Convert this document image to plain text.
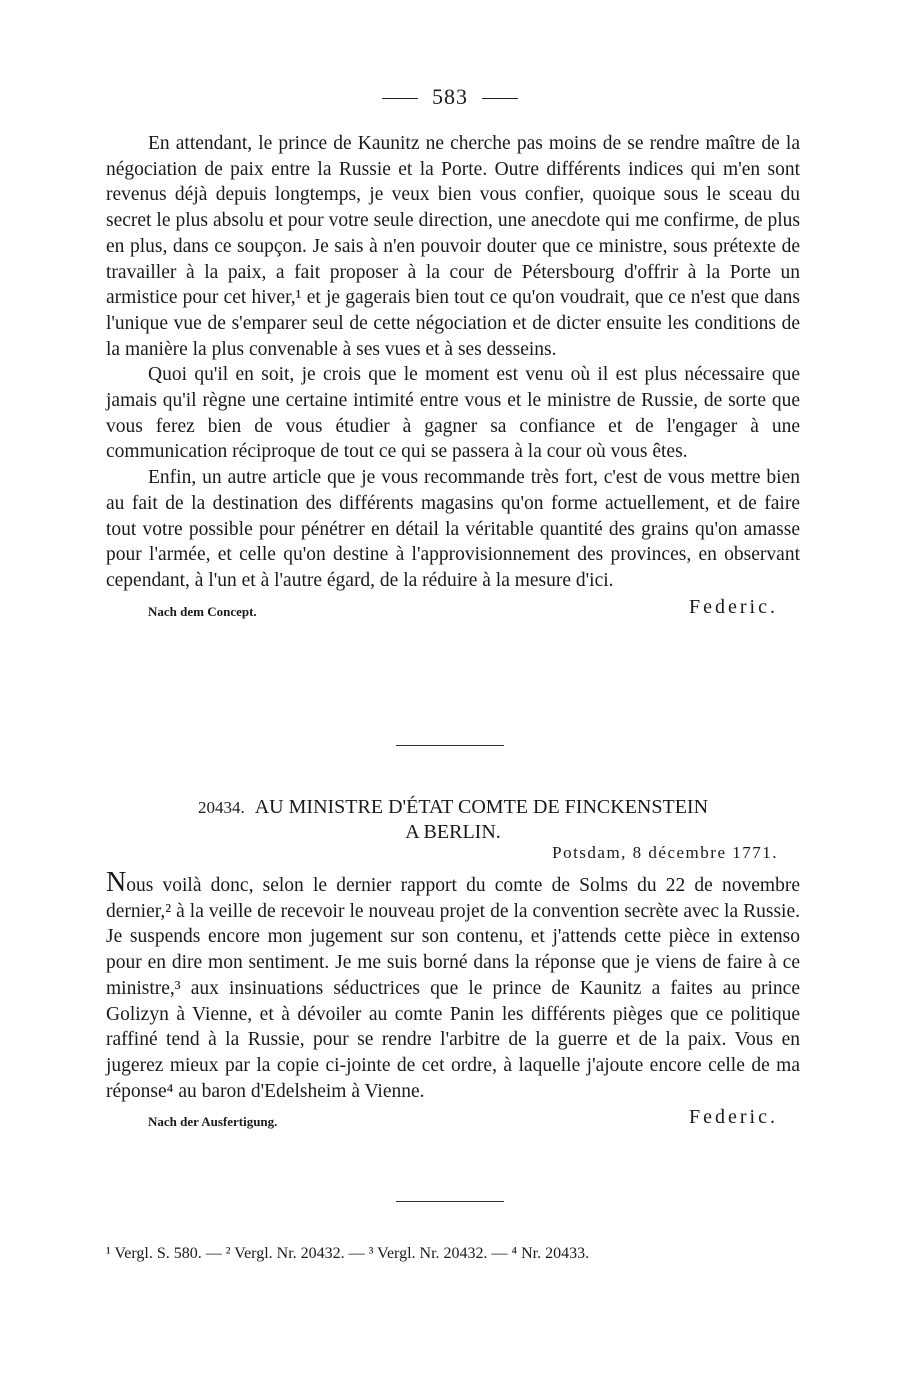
583

En attendant, le prince de Kaunitz ne cherche pas moins de se rendre maître de la négociation de paix entre la Russie et la Porte. Outre différents indices qui m'en sont revenus déjà depuis longtemps, je veux bien vous confier, quoique sous le sceau du secret le plus absolu et pour votre seule direction, une anecdote qui me confirme, de plus en plus, dans ce soupçon. Je sais à n'en pouvoir douter que ce ministre, sous prétexte de travailler à la paix, a fait proposer à la cour de Pétersbourg d'offrir à la Porte un armistice pour cet hiver,¹ et je gagerais bien tout ce qu'on voudrait, que ce n'est que dans l'unique vue de s'emparer seul de cette négociation et de dicter ensuite les conditions de la manière la plus convenable à ses vues et à ses desseins.

Quoi qu'il en soit, je crois que le moment est venu où il est plus nécessaire que jamais qu'il règne une certaine intimité entre vous et le ministre de Russie, de sorte que vous ferez bien de vous étudier à gagner sa confiance et de l'engager à une communication réciproque de tout ce qui se passera à la cour où vous êtes.

Enfin, un autre article que je vous recommande très fort, c'est de vous mettre bien au fait de la destination des différents magasins qu'on forme actuellement, et de faire tout votre possible pour pénétrer en détail la véritable quantité des grains qu'on amasse pour l'armée, et celle qu'on destine à l'approvisionnement des provinces, en observant cependant, à l'un et à l'autre égard, de la réduire à la mesure d'ici.

Nach dem Concept.	Federic.
20434. AU MINISTRE D'ÉTAT COMTE DE FINCKENSTEIN
A BERLIN.
Potsdam, 8 décembre 1771.

Nous voilà donc, selon le dernier rapport du comte de Solms du 22 de novembre dernier,² à la veille de recevoir le nouveau projet de la convention secrète avec la Russie. Je suspends encore mon jugement sur son contenu, et j'attends cette pièce in extenso pour en dire mon sentiment. Je me suis borné dans la réponse que je viens de faire à ce ministre,³ aux insinuations séductrices que le prince de Kaunitz a faites au prince Golizyn à Vienne, et à dévoiler au comte Panin les différents pièges que ce politique raffiné tend à la Russie, pour se rendre l'arbitre de la guerre et de la paix. Vous en jugerez mieux par la copie ci-jointe de cet ordre, à laquelle j'ajoute encore celle de ma réponse⁴ au baron d'Edelsheim à Vienne.

Nach der Ausfertigung.	Federic.
¹ Vergl. S. 580. — ² Vergl. Nr. 20432. — ³ Vergl. Nr. 20432. — ⁴ Nr. 20433.
